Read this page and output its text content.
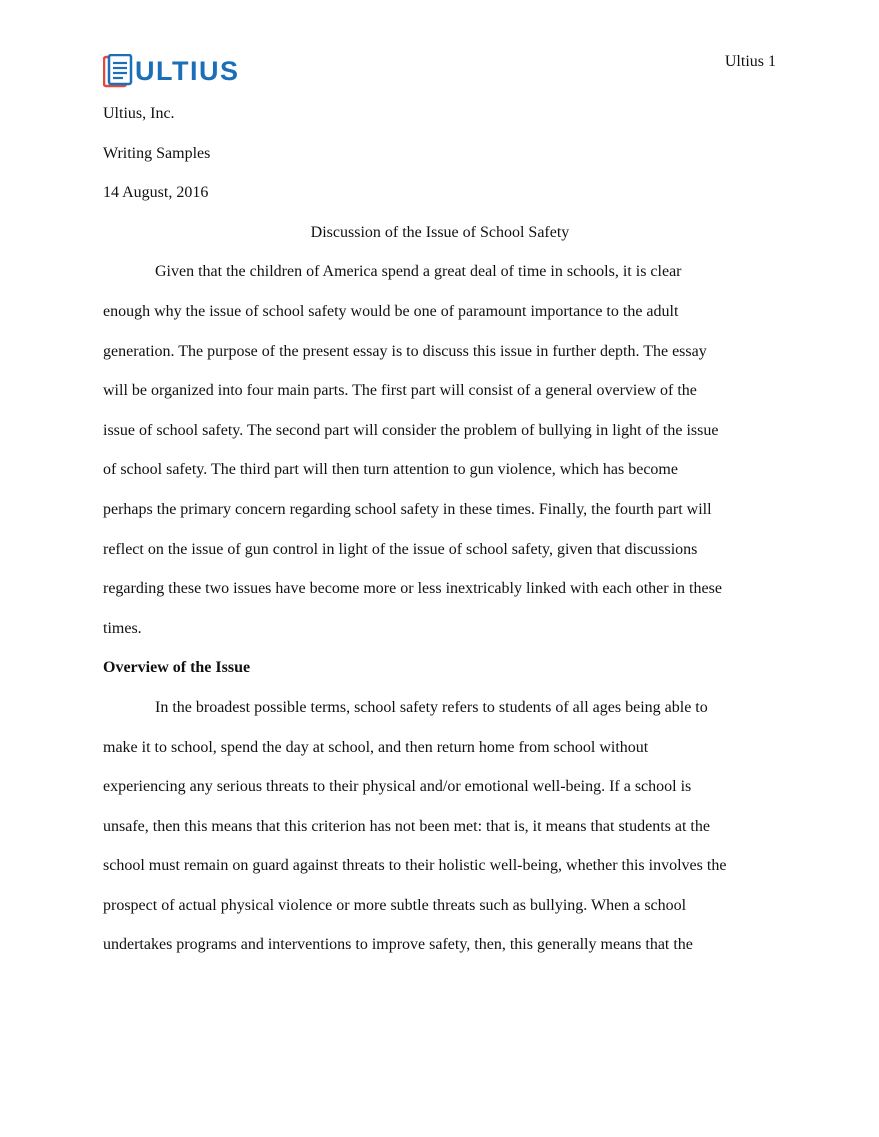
ULTIUS	Ultius 1

Ultius, Inc.

Writing Samples

14 August, 2016

Discussion of the Issue of School Safety

Given that the children of America spend a great deal of time in schools, it is clear

enough why the issue of school safety would be one of paramount importance to the adult

generation. The purpose of the present essay is to discuss this issue in further depth. The essay

will be organized into four main parts. The first part will consist of a general overview of the

issue of school safety. The second part will consider the problem of bullying in light of the issue

of school safety. The third part will then turn attention to gun violence, which has become

perhaps the primary concern regarding school safety in these times. Finally, the fourth part will

reflect on the issue of gun control in light of the issue of school safety, given that discussions

regarding these two issues have become more or less inextricably linked with each other in these

times.

Overview of the Issue

In the broadest possible terms, school safety refers to students of all ages being able to

make it to school, spend the day at school, and then return home from school without

experiencing any serious threats to their physical and/or emotional well-being. If a school is

unsafe, then this means that this criterion has not been met: that is, it means that students at the

school must remain on guard against threats to their holistic well-being, whether this involves the

prospect of actual physical violence or more subtle threats such as bullying. When a school

undertakes programs and interventions to improve safety, then, this generally means that the
